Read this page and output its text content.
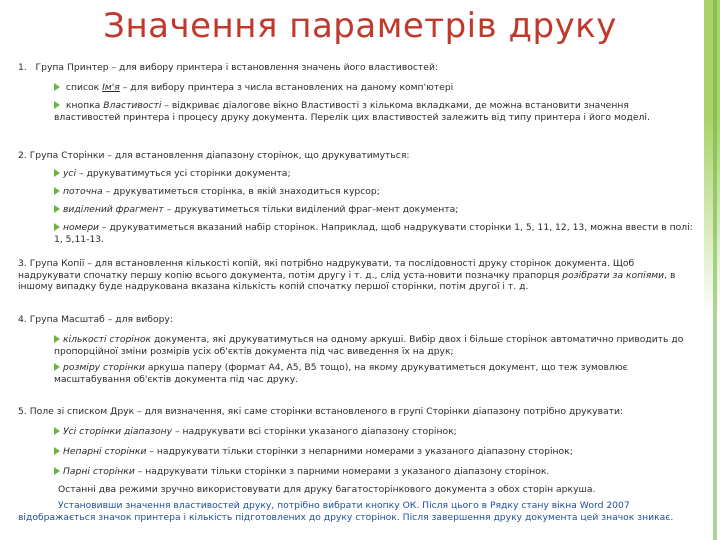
Значення параметрів друку

1. Група Принтер – для вибору принтера і встановлення значень його властивостей:

список Ім'я – для вибору принтера з числа встановлених на даному комп'ютері

кнопка Властивості – відкриває діалогове вікно Властивості з кількома вкладками, де можна встановити значення властивостей принтера і процесу друку документа. Перелік цих властивостей залежить від типу принтера і його моделі.

2. Група Сторінки – для встановлення діапазону сторінок, що друкуватимуться:

усі – друкуватимуться усі сторінки документа;

поточна – друкуватиметься сторінка, в якій знаходиться курсор;

виділений фрагмент – друкуватиметься тільки виділений фраг-мент документа;

номери – друкуватиметься вказаний набір сторінок. Наприклад, щоб надрукувати сторінки 1, 5, 11, 12, 13, можна ввести в полі: 1, 5,11-13.

3. Група Копії – для встановлення кількості копій, які потрібно надрукувати, та послідовності друку сторінок документа. Щоб надрукувати спочатку першу копію всього документа, потім другу і т. д., слід уста-новити позначку прапорця розібрати за копіями, в іншому випадку буде надрукована вказана кількість копій спочатку першої сторінки, потім другої і т. д.

4. Група Масштаб – для вибору:

кількості сторінок документа, які друкуватимуться на одному аркуші. Вибір двох і більше сторінок автоматично приводить до пропорційної зміни розмірів усіх об'єктів документа під час виведення їх на друк;

розміру сторінки аркуша паперу (формат А4, А5, В5 тощо), на якому друкуватиметься документ, що теж зумовлює масштабування об'єктів документа під час друку.

5. Поле зі списком Друк – для визначення, які саме сторінки встановленого в групі Сторінки діапазону потрібно друкувати:

Усі сторінки діапазону – надрукувати всі сторінки указаного діапазону сторінок;

Непарні сторінки – надрукувати тільки сторінки з непарними номерами з указаного діапазону сторінок;

Парні сторінки – надрукувати тільки сторінки з парними номерами з указаного діапазону сторінок.

Останні два режими зручно використовувати для друку багатосторінкового документа з обох сторін аркуша.

Установивши значення властивостей друку, потрібно вибрати кнопку ОК. Після цього в Рядку стану вікна Word 2007 відображається значок принтера і кількість підготовлених до друку сторінок. Після завершення друку документа цей значок зникає.
